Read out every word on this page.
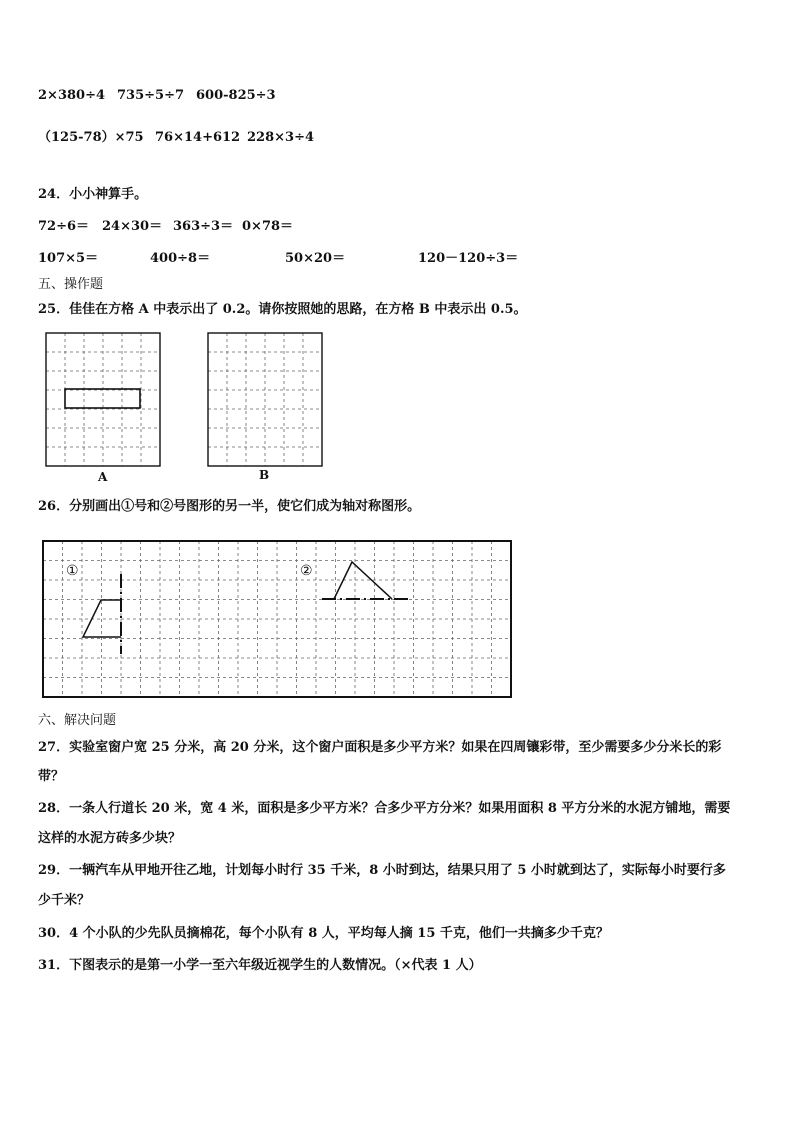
2×380÷4 735÷5÷7 600-825÷3
（125-78）×75 76×14+612 228×3÷4
24．小小神算手。
72÷6＝ 24×30＝ 363÷3＝ 0×78＝
107×5＝	400÷8＝	50×20＝	120－120÷3＝
五、操作题
25．佳佳在方格 A 中表示出了 0.2。请你按照她的思路，在方格 B 中表示出 0.5。
A	B
26．分别画出①号和②号图形的另一半，使它们成为轴对称图形。
①	②
六、解决问题
27．实验室窗户宽 25 分米，高 20 分米，这个窗户面积是多少平方米？如果在四周镶彩带，至少需要多少分米长的彩
带？
28．一条人行道长 20 米，宽 4 米，面积是多少平方米？合多少平方分米？如果用面积 8 平方分米的水泥方铺地，需要
这样的水泥方砖多少块？
29．一辆汽车从甲地开往乙地，计划每小时行 35 千米，8 小时到达，结果只用了 5 小时就到达了，实际每小时要行多
少千米？
30．4 个小队的少先队员摘棉花，每个小队有 8 人，平均每人摘 15 千克，他们一共摘多少千克？
31．下图表示的是第一小学一至六年级近视学生的人数情况。（×代表 1 人）
